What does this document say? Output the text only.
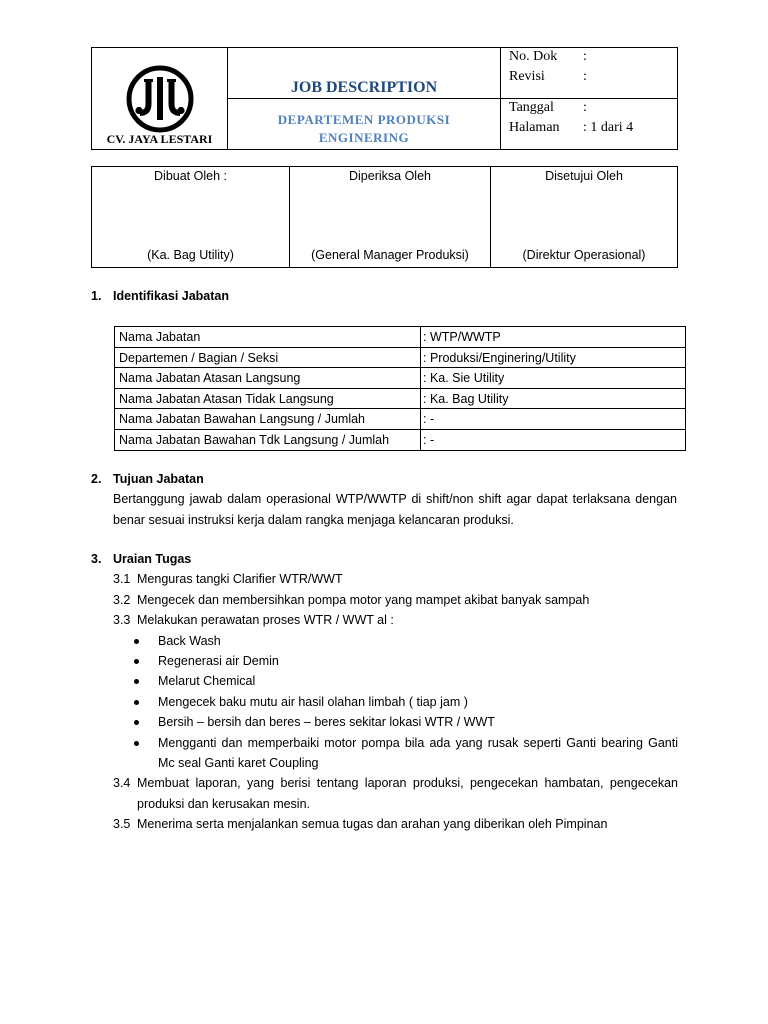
CV. JAYA LESTARI
JOB DESCRIPTION
DEPARTEMEN PRODUKSI
ENGINERING
No. Dok :
Revisi	:
Tanggal :
Halaman : 1 dari 4
Dibuat Oleh :
(Ka. Bag Utility)
Diperiksa Oleh
(General Manager Produksi)
Disetujui Oleh
(Direktur Operasional)
1. Identifikasi Jabatan
Nama Jabatan	: WTP/WWTP
Departemen / Bagian / Seksi	: Produksi/Enginering/Utility
Nama Jabatan Atasan Langsung	: Ka. Sie Utility
Nama Jabatan Atasan Tidak Langsung	: Ka. Bag Utility
Nama Jabatan Bawahan Langsung / Jumlah	: -
Nama Jabatan Bawahan Tdk Langsung / Jumlah	: -
2. Tujuan Jabatan
Bertanggung jawab dalam operasional WTP/WWTP di shift/non shift agar dapat terlaksana dengan
benar sesuai instruksi kerja dalam rangka menjaga kelancaran produksi.
3. Uraian Tugas
3.1 Menguras tangki Clarifier WTR/WWT
3.2 Mengecek dan membersihkan pompa motor yang mampet akibat banyak sampah
3.3 Melakukan perawatan proses WTR / WWT al :
Back Wash
Regenerasi air Demin
Melarut Chemical
Mengecek baku mutu air hasil olahan limbah ( tiap jam )
Bersih – bersih dan beres – beres sekitar lokasi WTR / WWT
Mengganti dan memperbaiki motor pompa bila ada yang rusak seperti Ganti bearing Ganti
Mc seal Ganti karet Coupling
3.4 Membuat laporan, yang berisi tentang laporan produksi, pengecekan hambatan, pengecekan
produksi dan kerusakan mesin.
3.5 Menerima serta menjalankan semua tugas dan arahan yang diberikan oleh Pimpinan
